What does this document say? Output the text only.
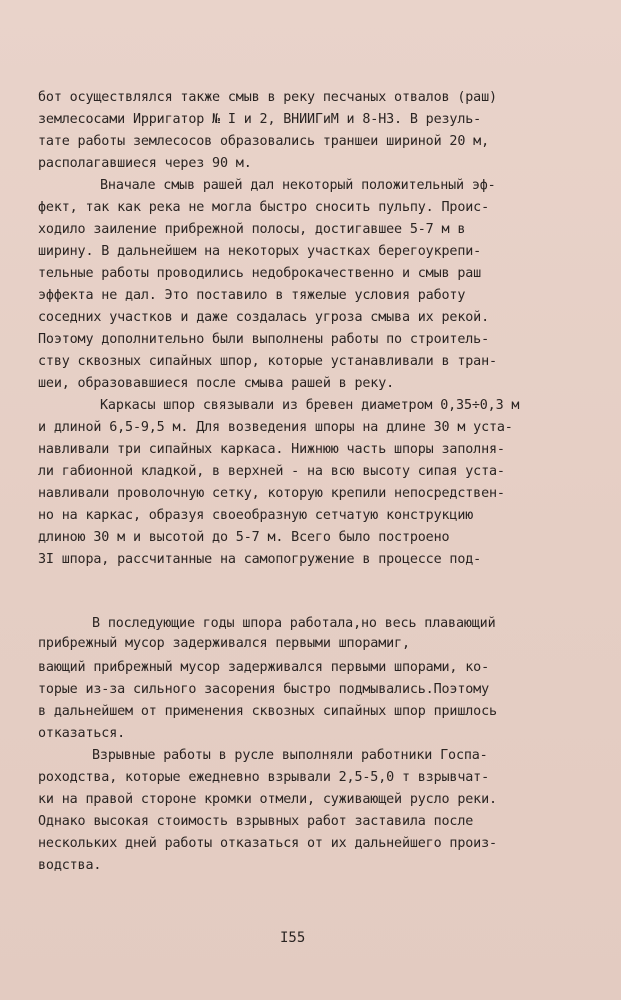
бот осуществлялся также смыв в реку песчаных отвалов (раш)
землесосами Ирригатор № I и 2, ВНИИГиМ и 8-НЗ. В резуль-
тате работы землесосов образовались траншеи шириной 20 м,
располагавшиеся через 90 м.
Вначале смыв рашей дал некоторый положительный эф-
фект, так как река не могла быстро сносить пульпу. Проис-
ходило заиление прибрежной полосы, достигавшее 5-7 м в
ширину. В дальнейшем на некоторых участках берегоукрепи-
тельные работы проводились недоброкачественно и смыв раш
эффекта не дал. Это поставило в тяжелые условия работу
соседних участков и даже создалась угроза смыва их рекой.
Поэтому дополнительно были выполнены работы по строитель-
ству сквозных сипайных шпор, которые устанавливали в тран-
шеи, образовавшиеся после смыва рашей в реку.
Каркасы шпор связывали из бревен диаметром 0,35÷0,3 м
и длиной 6,5-9,5 м. Для возведения шпоры на длине 30 м уста-
навливали три сипайных каркаса. Нижнюю часть шпоры заполня-
ли габионной кладкой, в верхней - на всю высоту сипая уста-
навливали проволочную сетку, которую крепили непосредствен-
но на каркас, образуя своеобразную сетчатую конструкцию
длиною 30 м и высотой до 5-7 м. Всего было построено
3I шпора, рассчитанные на самопогружение в процессе под-
В последующие годы шпора работала,но весь плавающий
прибрежный мусор задерживался первыми шпорамиг,
вающий прибрежный мусор задерживался первыми шпорами, ко-
торые из-за сильного засорения быстро подмывались.Поэтому
в дальнейшем от применения сквозных сипайных шпор пришлось
отказаться.
Взрывные работы в русле выполняли работники Госпа-
роходства, которые ежедневно взрывали 2,5-5,0 т взрывчат-
ки на правой стороне кромки отмели, суживающей русло реки.
Однако высокая стоимость взрывных работ заставила после
нескольких дней работы отказаться от их дальнейшего произ-
водства.
I55
